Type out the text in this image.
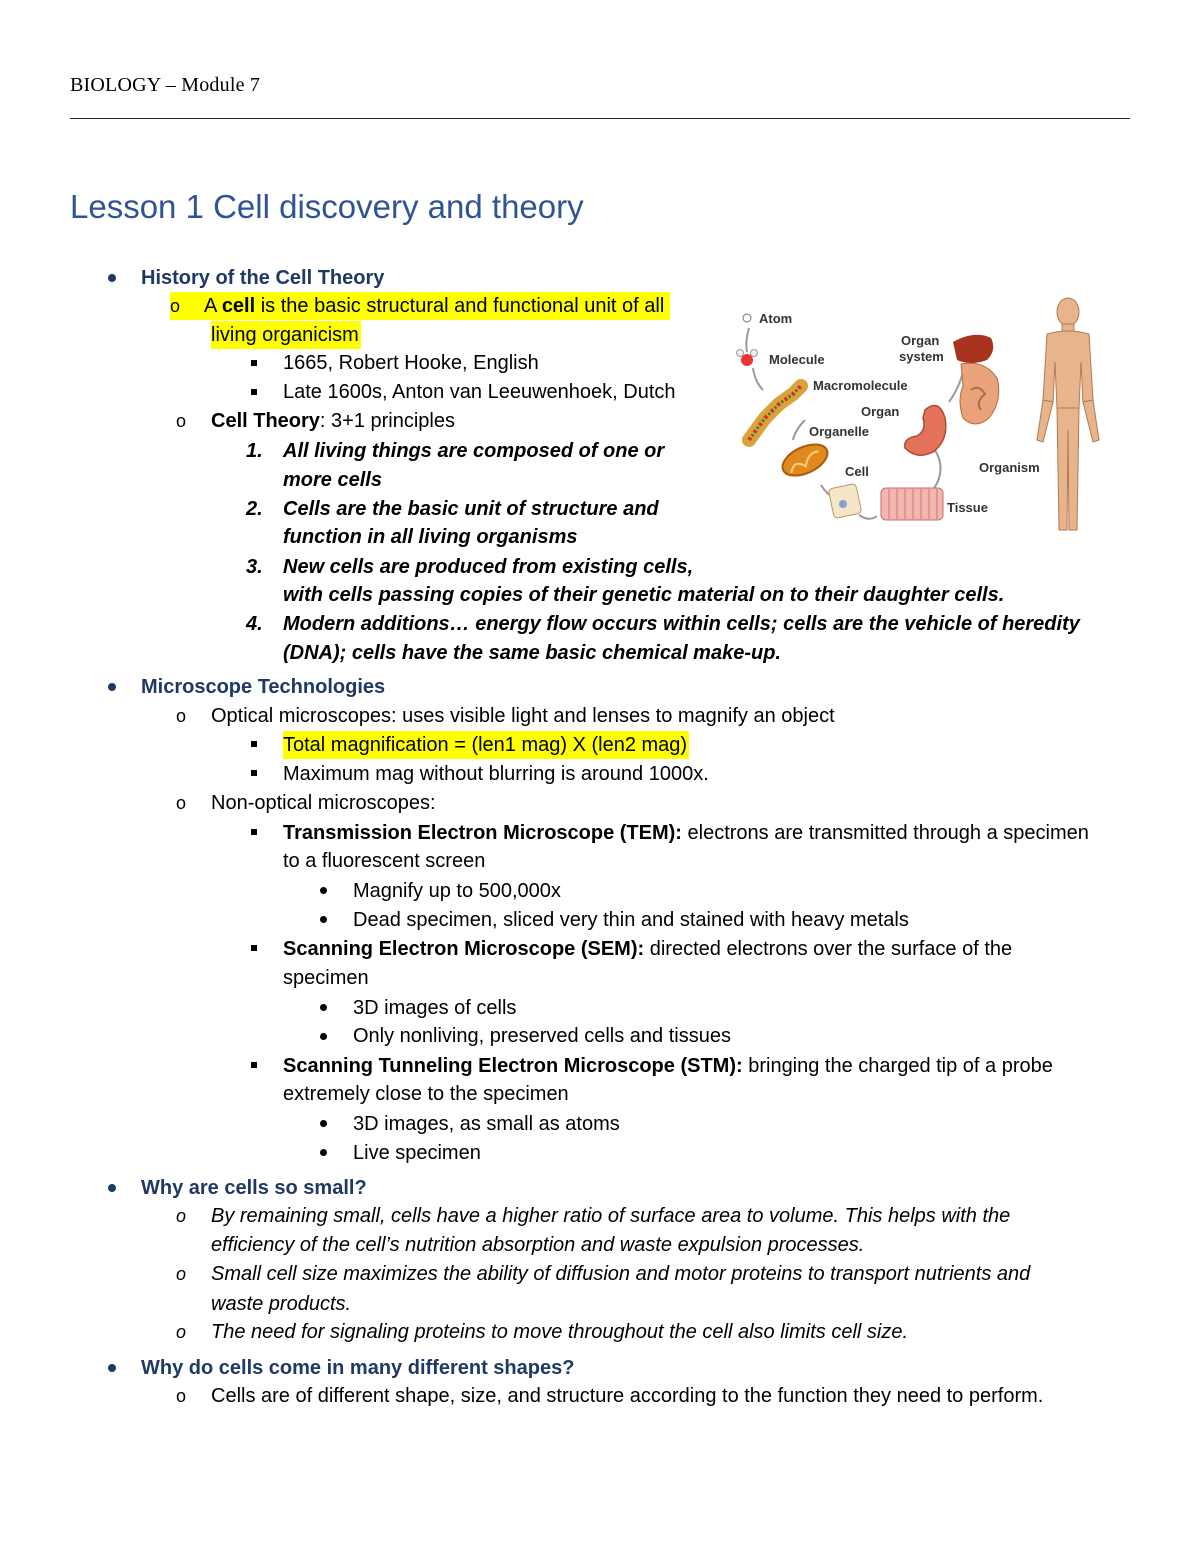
BIOLOGY – Module 7
Lesson 1 Cell discovery and theory
History of the Cell Theory
o A cell is the basic structural and functional unit of all
living organicism
1665, Robert Hooke, English
Late 1600s, Anton van Leeuwenhoek, Dutch
o Cell Theory: 3+1 principles
1. All living things are composed of one or
more cells
2. Cells are the basic unit of structure and
function in all living organisms
3. New cells are produced from existing cells,
with cells passing copies of their genetic material on to their daughter cells.
4. Modern additions… energy flow occurs within cells; cells are the vehicle of heredity
(DNA); cells have the same basic chemical make-up.
Atom
Molecule
Macromolecule
Organelle
Cell
Tissue
Organ
Organ
system
Organism
Microscope Technologies
o Optical microscopes: uses visible light and lenses to magnify an object
Total magnification = (len1 mag) X (len2 mag)
Maximum mag without blurring is around 1000x.
o Non-optical microscopes:
Transmission Electron Microscope (TEM): electrons are transmitted through a specimen
to a fluorescent screen
Magnify up to 500,000x
Dead specimen, sliced very thin and stained with heavy metals
Scanning Electron Microscope (SEM): directed electrons over the surface of the
specimen
3D images of cells
Only nonliving, preserved cells and tissues
Scanning Tunneling Electron Microscope (STM): bringing the charged tip of a probe
extremely close to the specimen
3D images, as small as atoms
Live specimen
Why are cells so small?
o By remaining small, cells have a higher ratio of surface area to volume. This helps with the
efficiency of the cell’s nutrition absorption and waste expulsion processes.
o Small cell size maximizes the ability of diffusion and motor proteins to transport nutrients and
waste products.
o The need for signaling proteins to move throughout the cell also limits cell size.
Why do cells come in many different shapes?
o Cells are of different shape, size, and structure according to the function they need to perform.
